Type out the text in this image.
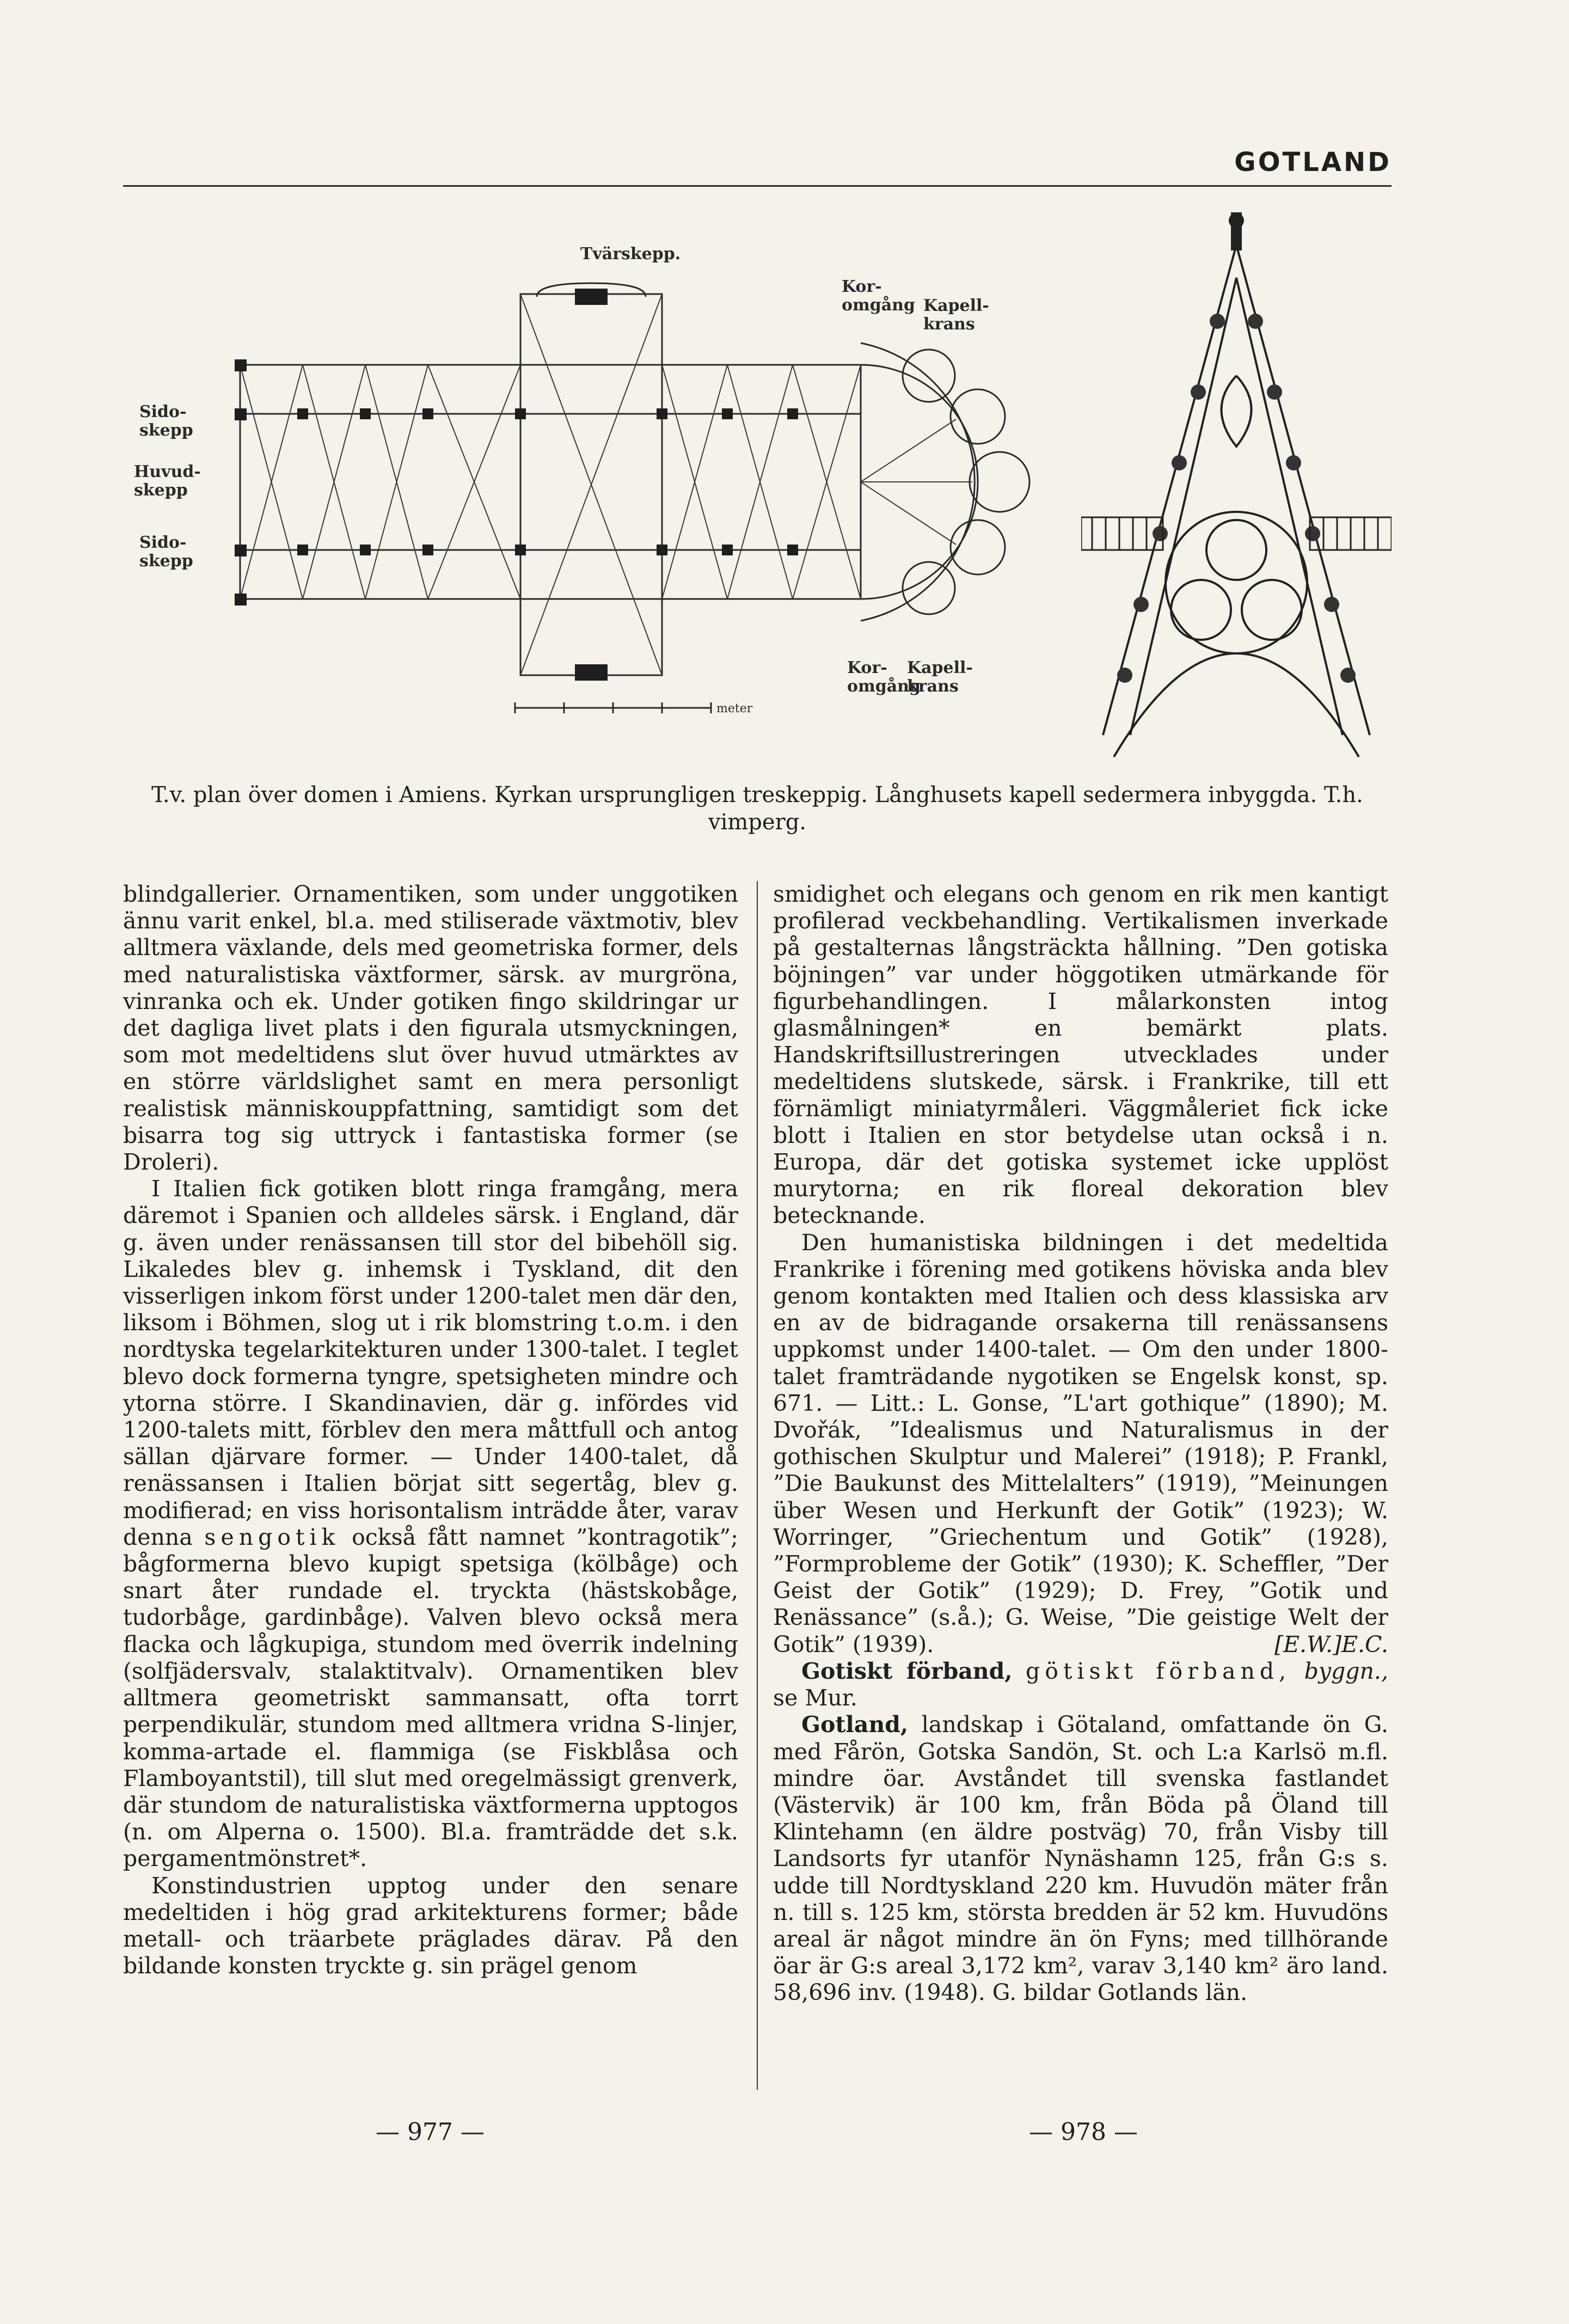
GOTLAND
Tvärskepp.
Kor-
omgång Kapell-
krans
Sido-
skepp
Huvud-
skepp
Sido-
skepp
Kor-
omgång
Kapell-
krans
meter
T.v. plan över domen i Amiens. Kyrkan ursprungligen treskeppig. Långhusets kapell sedermera inbyggda. T.h. vimperg.

blindgallerier. Ornamentiken, som under unggotiken ännu varit enkel, bl.a. med stiliserade växtmotiv, blev alltmera växlande, dels med geometriska former, dels med naturalistiska växtformer, särsk. av murgröna, vinranka och ek. Under gotiken fingo skildringar ur det dagliga livet plats i den figurala utsmyckningen, som mot medeltidens slut över huvud utmärktes av en större världslighet samt en mera personligt realistisk människouppfattning, samtidigt som det bisarra tog sig uttryck i fantastiska former (se Droleri).

I Italien fick gotiken blott ringa framgång, mera däremot i Spanien och alldeles särsk. i England, där g. även under renässansen till stor del bibehöll sig. Likaledes blev g. inhemsk i Tyskland, dit den visserligen inkom först under 1200-talet men där den, liksom i Böhmen, slog ut i rik blomstring t.o.m. i den nordtyska tegelarkitekturen under 1300-talet. I teglet blevo dock formerna tyngre, spetsigheten mindre och ytorna större. I Skandinavien, där g. infördes vid 1200-talets mitt, förblev den mera måttfull och antog sällan djärvare former. — Under 1400-talet, då renässansen i Italien börjat sitt segertåg, blev g. modifierad; en viss horisontalism inträdde åter, varav denna sengotik också fått namnet ”kontragotik”; bågformerna blevo kupigt spetsiga (kölbåge) och snart åter rundade el. tryckta (hästskobåge, tudorbåge, gardinbåge). Valven blevo också mera flacka och lågkupiga, stundom med överrik indelning (solfjädersvalv, stalaktitvalv). Ornamentiken blev alltmera geometriskt sammansatt, ofta torrt perpendikulär, stundom med alltmera vridna S-linjer, komma-artade el. flammiga (se Fiskblåsa och Flamboyantstil), till slut med oregelmässigt grenverk, där stundom de naturalistiska växtformerna upptogos (n. om Alperna o. 1500). Bl.a. framträdde det s.k. pergamentmönstret*.

Konstindustrien upptog under den senare medeltiden i hög grad arkitekturens former; både metall- och träarbete präglades därav. På den bildande konsten tryckte g. sin prägel genom

smidighet och elegans och genom en rik men kantigt profilerad veckbehandling. Vertikalismen inverkade på gestalternas långsträckta hållning. ”Den gotiska böjningen” var under höggotiken utmärkande för figurbehandlingen. I målarkonsten intog glasmålningen* en bemärkt plats. Handskriftsillustreringen utvecklades under medeltidens slutskede, särsk. i Frankrike, till ett förnämligt miniatyrmåleri. Väggmåleriet fick icke blott i Italien en stor betydelse utan också i n. Europa, där det gotiska systemet icke upplöst murytorna; en rik floreal dekoration blev betecknande.

Den humanistiska bildningen i det medeltida Frankrike i förening med gotikens höviska anda blev genom kontakten med Italien och dess klassiska arv en av de bidragande orsakerna till renässansens uppkomst under 1400-talet. — Om den under 1800-talet framträdande nygotiken se Engelsk konst, sp. 671. — Litt.: L. Gonse, ”L'art gothique” (1890); M. Dvořák, ”Idealismus und Naturalismus in der gothischen Skulptur und Malerei” (1918); P. Frankl, ”Die Baukunst des Mittelalters” (1919), ”Meinungen über Wesen und Herkunft der Gotik” (1923); W. Worringer, ”Griechentum und Gotik” (1928), ”Formprobleme der Gotik” (1930); K. Scheffler, ”Der Geist der Gotik” (1929); D. Frey, ”Gotik und Renässance” (s.å.); G. Weise, ”Die geistige Welt der Gotik” (1939).	[E.W.]E.C.

Gotiskt förband, götiskt förband, byggn., se Mur.

Gotland, landskap i Götaland, omfattande ön G. med Fårön, Gotska Sandön, St. och L:a Karlsö m.fl. mindre öar. Avståndet till svenska fastlandet (Västervik) är 100 km, från Böda på Öland till Klintehamn (en äldre postväg) 70, från Visby till Landsorts fyr utanför Nynäshamn 125, från G:s s. udde till Nordtyskland 220 km. Huvudön mäter från n. till s. 125 km, största bredden är 52 km. Huvudöns areal är något mindre än ön Fyns; med tillhörande öar är G:s areal 3,172 km², varav 3,140 km² äro land. 58,696 inv. (1948). G. bildar Gotlands län.

— 977 —	— 978 —
